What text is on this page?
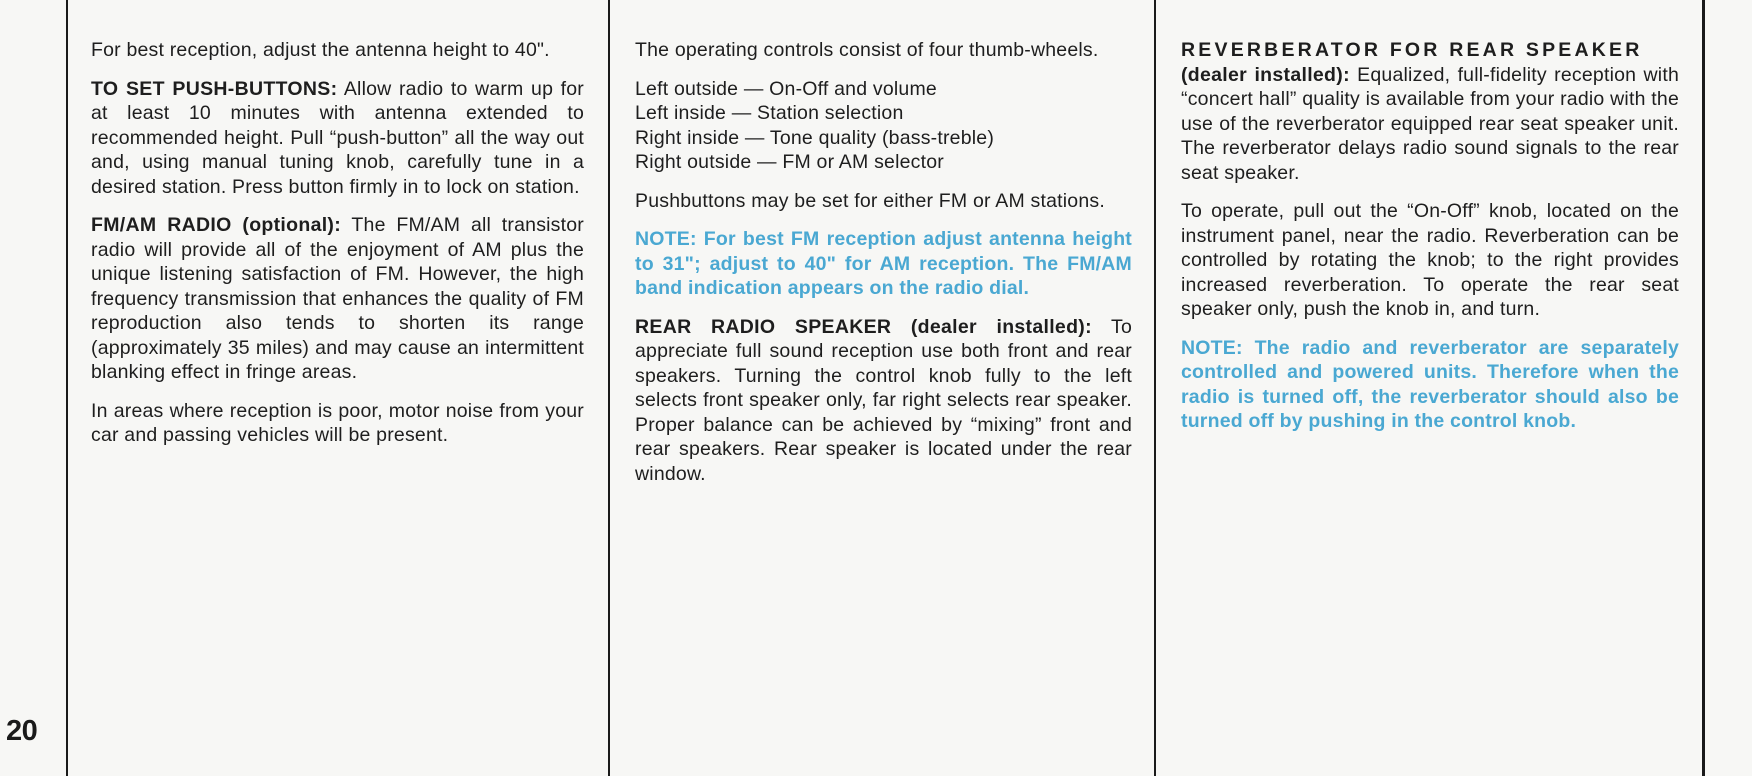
20

For best reception, adjust the antenna height to 40".

TO SET PUSH-BUTTONS: Allow radio to warm up for at least 10 minutes with antenna extended to recommended height. Pull “push-button” all the way out and, using manual tuning knob, carefully tune in a desired station. Press button firmly in to lock on station.

FM/AM RADIO (optional): The FM/AM all transistor radio will provide all of the enjoyment of AM plus the unique listening satisfaction of FM. However, the high frequency transmission that enhances the quality of FM reproduction also tends to shorten its range (approximately 35 miles) and may cause an intermittent blanking effect in fringe areas.

In areas where reception is poor, motor noise from your car and passing vehicles will be present.

The operating controls consist of four thumb-wheels.

Left outside — On-Off and volume
Left inside — Station selection
Right inside — Tone quality (bass-treble)
Right outside — FM or AM selector

Pushbuttons may be set for either FM or AM stations.

NOTE: For best FM reception adjust antenna height to 31"; adjust to 40" for AM reception. The FM/AM band indication appears on the radio dial.

REAR RADIO SPEAKER (dealer installed): To appreciate full sound reception use both front and rear speakers. Turning the control knob fully to the left selects front speaker only, far right selects rear speaker. Proper balance can be achieved by “mixing” front and rear speakers. Rear speaker is located under the rear window.

REVERBERATOR FOR REAR SPEAKER
(dealer installed): Equalized, full-fidelity reception with “concert hall” quality is available from your radio with the use of the reverberator equipped rear seat speaker unit. The reverberator delays radio sound signals to the rear seat speaker.

To operate, pull out the “On-Off” knob, located on the instrument panel, near the radio. Reverberation can be controlled by rotating the knob; to the right provides increased reverberation. To operate the rear seat speaker only, push the knob in, and turn.

NOTE: The radio and reverberator are separately controlled and powered units. Therefore when the radio is turned off, the reverberator should also be turned off by pushing in the control knob.
